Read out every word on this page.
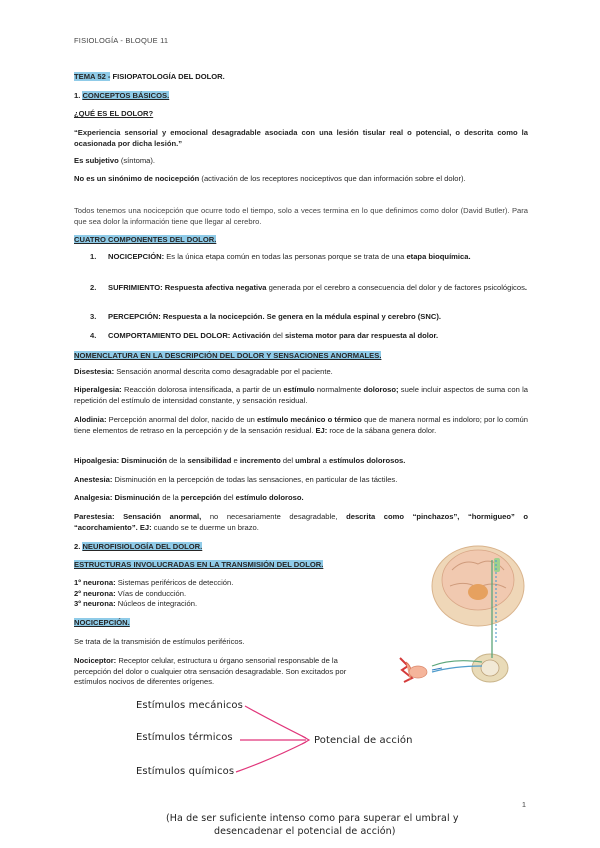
FISIOLOGÍA - BLOQUE 11
TEMA 52 - FISIOPATOLOGÍA DEL DOLOR.
1. CONCEPTOS BÁSICOS.
¿QUÉ ES EL DOLOR?
“Experiencia sensorial y emocional desagradable asociada con una lesión tisular real o potencial, o descrita como la ocasionada por dicha lesión.”
Es subjetivo (síntoma).
No es un sinónimo de nocicepción (activación de los receptores nociceptivos que dan información sobre el dolor).
Todos tenemos una nocicepción que ocurre todo el tiempo, solo a veces termina en lo que definimos como dolor (David Butler). Para que sea dolor la información tiene que llegar al cerebro.
CUATRO COMPONENTES DEL DOLOR.
1. NOCICEPCIÓN: Es la única etapa común en todas las personas porque se trata de una etapa bioquímica.
2. SUFRIMIENTO: Respuesta afectiva negativa generada por el cerebro a consecuencia del dolor y de factores psicológicos.
3. PERCEPCIÓN: Respuesta a la nocicepción. Se genera en la médula espinal y cerebro (SNC).
4. COMPORTAMIENTO DEL DOLOR: Activación del sistema motor para dar respuesta al dolor.
NOMENCLATURA EN LA DESCRIPCIÓN DEL DOLOR Y SENSACIONES ANORMALES.
Disestesia: Sensación anormal descrita como desagradable por el paciente.
Hiperalgesia: Reacción dolorosa intensificada, a partir de un estímulo normalmente doloroso; suele incluir aspectos de suma con la repetición del estímulo de intensidad constante, y sensación residual.
Alodinia: Percepción anormal del dolor, nacido de un estímulo mecánico o térmico que de manera normal es indoloro; por lo común tiene elementos de retraso en la percepción y de la sensación residual. EJ: roce de la sábana genera dolor.
Hipoalgesia: Disminución de la sensibilidad e incremento del umbral a estímulos dolorosos.
Anestesia: Disminución en la percepción de todas las sensaciones, en particular de las táctiles.
Analgesia: Disminución de la percepción del estímulo doloroso.
Parestesia: Sensación anormal, no necesariamente desagradable, descrita como “pinchazos”, “hormigueo” o “acorchamiento”. EJ: cuando se te duerme un brazo.
2. NEUROFISIOLOGÍA DEL DOLOR.
ESTRUCTURAS INVOLUCRADAS EN LA TRANSMISIÓN DEL DOLOR.
1º neurona: Sistemas periféricos de detección.
2º neurona: Vías de conducción.
3º neurona: Núcleos de integración.
NOCICEPCIÓN.
Se trata de la transmisión de estímulos periféricos.
Nociceptor: Receptor celular, estructura u órgano sensorial responsable de la percepción del dolor o cualquier otra sensación desagradable. Son excitados por estímulos nocivos de diferentes orígenes.
Estímulos mecánicos
Estímulos térmicos
Estímulos químicos
Potencial de acción
1
(Ha de ser suficiente intenso como para superar el umbral y
desencadenar el potencial de acción)
